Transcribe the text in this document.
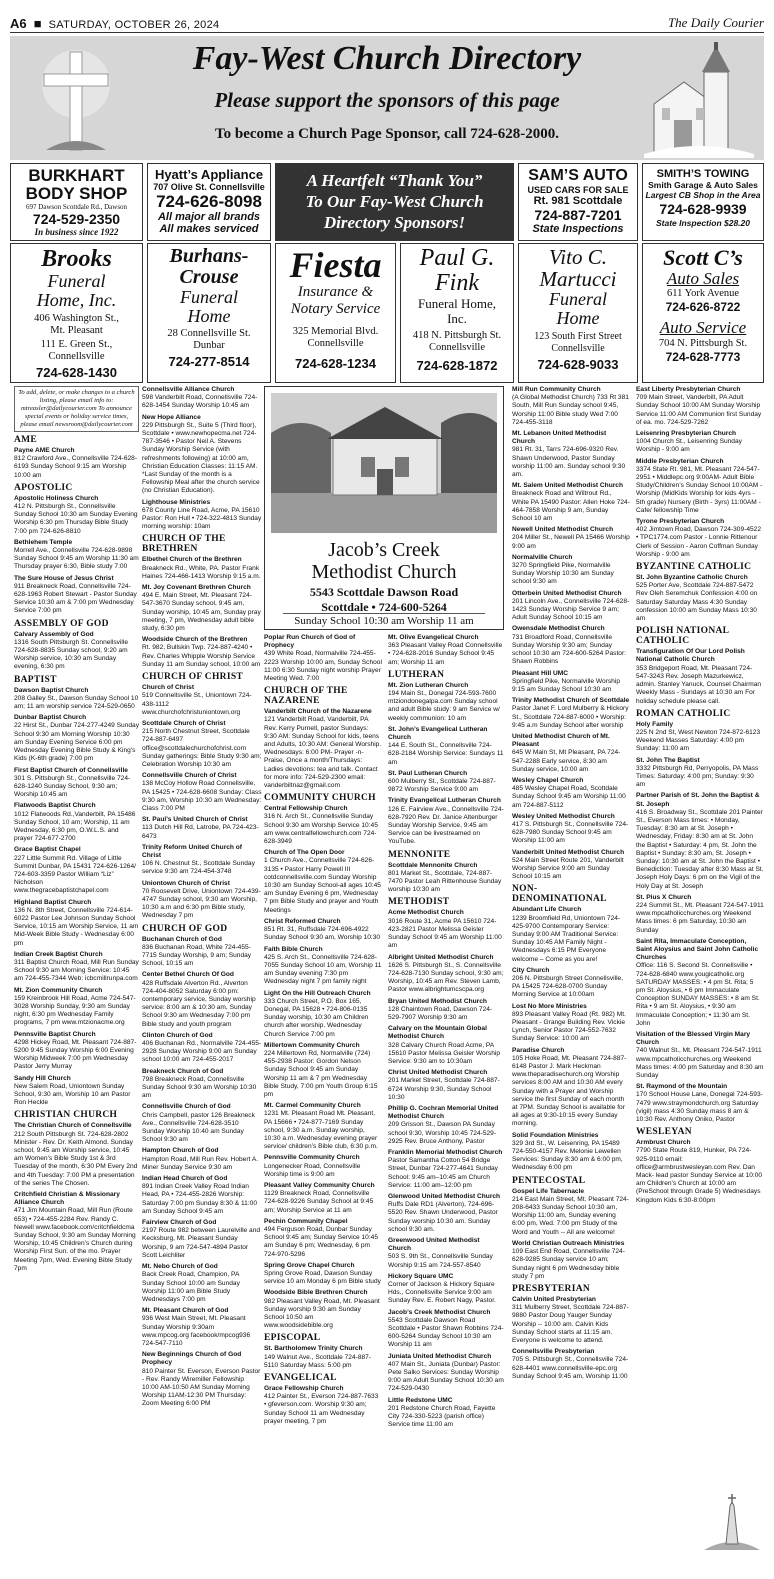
A6 ■ SATURDAY, OCTOBER 26, 2024	The Daily Courier
Fay-West Church Directory
Please support the sponsors of this page
To become a Church Page Sponsor, call 724-628-2000.
BURKHART
BODY SHOP
697 Dawson Scottdale Rd., Dawson
724-529-2350
In business since 1922
Hyatt’s Appliance
707 Olive St. Connellsville
724-626-8098
All major all brands
All makes serviced
A Heartfelt “Thank You”
To Our Fay-West Church
Directory Sponsors!
SAM’S AUTO
USED CARS FOR SALE
Rt. 981 Scottdale
724-887-7201
State Inspections
SMITH’S TOWING
Smith Garage & Auto Sales
Largest CB Shop in the Area
724-628-9939
State Inspection $28.20
Brooks
Funeral
Home, Inc.
406 Washington St.,
Mt. Pleasant
111 E. Green St.,
Connellsville
724-628-1430
Burhans-
Crouse
Funeral
Home
28 Connellsville St.
Dunbar
724-277-8514
Fiesta
Insurance &
Notary Service
325 Memorial Blvd.
Connellsville
724-628-1234
Paul G.
Fink
Funeral Home,
Inc.
418 N. Pittsburgh St.
Connellsville
724-628-1872
Vito C.
Martucci
Funeral
Home
123 South First Street
Connellsville
724-628-9033
Scott C’s
Auto Sales
611 York Avenue
724-626-8722
Auto Service
704 N. Pittsburgh St.
724-628-7773
To add, delete, or make changes to a church listing, please email info to: mtreasler@dailycourier.com To announce special events or holiday service times, please email newsroom@dailycourier.com
AME
Payne AME Church
812 Crawford Ave., Connellsville 724-628-6193 Sunday School 9:15 am Worship 10:00 am
APOSTOLIC
Apostolic Holiness Church
412 N. Pittsburgh St., Connellsville Sunday School 10:30 am Sunday Evening Worship 6:30 pm Thursday Bible Study 7:00 pm 724-626-8810
Bethlehem Temple
Morrell Ave., Connellsville 724-628-9898 Sunday School 9:45 am Worship 11:30 am Thursday prayer 6:30, Bible study 7:00
The Sure House of Jesus Christ
911 Breakneck Road, Connellsville 724-628-1963 Robert Stewart - Pastor Sunday Service 10:30 am & 7:00 pm Wednesday Service 7:00 pm
ASSEMBLY OF GOD
Calvary Assembly of God
1316 South Pittsburgh St. Connellsville 724-628-8835 Sunday school, 9:20 am Worship service, 10:30 am Sunday evening, 6:30 pm
BAPTIST
Dawson Baptist Church
208 Galley St., Dawson Sunday School 10 am; 11 am worship service 724-529-0650
Dunbar Baptist Church
22 Hirst St., Dunbar 724-277-4249 Sunday School 9:30 am Morning Worship 10:30 am Sunday Evening Service 6:00 pm Wednesday Evening Bible Study & King’s Kids (K-6th grade) 7:00 pm
First Baptist Church of Connellsville
301 S. Pittsburgh St., Connellsville 724-628-1240 Sunday School, 9:30 am; Worship 10:45 am
Flatwoods Baptist Church
1012 Flatwoods Rd.,Vanderbilt, PA 15486 Sunday School, 10 am; Worship, 11 am Wednesday, 6:30 pm, O.W.L.S. and prayer 724-677-2700
Grace Baptist Chapel
227 Little Summit Rd. Village of Little Summit Dunbar, PA 15431 724-626-1264/ 724-603-3359 Pastor William “Liz” Nicholson www.thegracebaptistchapel.com
Highland Baptist Church
136 N. 8th Street, Connellsville 724-614-6022 Pastor Lee Johnson Sunday School Service, 10:15 am Worship Service, 11 am Mid-Week Bible Study - Wednesday 6:00 pm
Indian Creek Baptist Church
311 Baptist Church Road, Mill Run Sunday School 9:30 am Morning Service: 10:45 am 724-455-7344 Web: icbcmillrunpa.com
Mt. Zion Community Church
159 Kreinbrook Hill Road, Acme 724-547-3028 Worship Sunday, 9:30 am Sunday night, 6:30 pm Wednesday Family programs, 7 pm www.mtzionacme.org
Pennsville Baptist Church
4298 Hickey Road, Mt. Pleasant 724-887-5200 9:45 Sunday Worship 6:00 Evening Worship Midweek 7:00 pm Wednesday Pastor Jerry Murray
Sandy Hill Church
New Salem Road, Uniontown Sunday School, 9:30 am, Worship 10 am Pastor Ron Heckle
CHRISTIAN CHURCH
The Christian Church of Connellsville
212 South Pittsburgh St. 724-628-2802 Minister - Rev. Dr. Keith Almond. Sunday school, 9:45 am Worship service, 10:45 am Women’s Bible Study 1st & 3rd Tuesday of the month, 6:30 PM Every 2nd and 4th Tuesday: 7:00 PM a presentation of the series The Chosen.
Critchfield Christian & Missionary Alliance Church
471 Jim Mountain Road, Mill Run (Route 653) • 724-455-2284 Rev. Randy C. Newell www.facebook.com/critchfieldcma Sunday School, 9:30 am Sunday Morning Worship, 10:45 Children’s Church during Worship First Sun. of the mo. Prayer Meeting 7pm, Wed. Evening Bible Study 7pm
Connellsville Alliance Church
598 Vanderbilt Road, Connellsville 724-628-1454 Sunday Worship 10:45 am
New Hope Alliance
229 Pittsburgh St., Suite 5 (Third floor), Scottdale • www.newhopecma.net 724-787-3546 • Pastor Neil A. Stevens Sunday Worship Service (with refreshments following) at 10:00 am, Christian Education Classes: 11:15 AM. *Last Sunday of the month is a Fellowship Meal after the church service (no Christian Education).
Lighthouse Ministries
678 County Line Road, Acme, PA 15610 Pastor: Ron Hull • 724-322-4813 Sunday morning worship: 10am
CHURCH OF THE BRETHREN
Elbethel Church of the Brethren
Breakneck Rd., White, PA. Pastor Frank Haines 724-466-1413 Worship 9:15 a.m.
Mt. Joy Covenant Brethren Church
494 E. Main Street, Mt. Pleasant 724-547-3670 Sunday school, 9:45 am, Sunday worship, 10:45 am, Sunday pray meeting, 7 pm, Wednesday adult bible study, 6:30 pm
Woodside Church of the Brethren
Rt. 982, Bullskin Twp. 724-887-4240 • Rev. Charles Whipple Worship Service Sunday 11 am Sunday school, 10:00 am
CHURCH OF CHRIST
Church of Christ
519 Connellsville St., Uniontown 724-438-1112 www.churchofchristuniontown.org
Scottdale Church of Christ
215 North Chestnut Street, Scottdale 724-887-6497 office@scottdalechurchofchrist.com Sunday gatherings: Bible Study 9:30 am; Celebration Worship 10:30 am
Connellsville Church of Christ
138 McCoy Hollow Road Connellsville, PA 15425 • 724-628-6608 Sunday: Class 9:30 am, Worship 10:30 am Wednesday: Class 7:00 PM
St. Paul’s United Church of Christ
113 Dutch Hill Rd, Latrobe, PA 724-423-6473
Trinity Reform United Church of Christ
106 N. Chestnut St., Scottdale Sunday service 9:30 am 724-454-3748
Uniontown Church of Christ
70 Roosevelt Drive, Uniontown 724-439-4747 Sunday school, 9:30 am Worship, 10:30 a.m and 6:30 pm Bible study, Wednesday 7 pm
CHURCH OF GOD
Buchanan Church of God
836 Buchanan Road, White 724-455-7715 Sunday Worship, 9 am; Sunday School, 10:15 am
Center Bethel Church Of God
428 Ruffsdale Alverton Rd., Alverton 724-404-8052 Saturday 6:00 pm: contemporary service, Sunday worship service: 8:00 am & 10:30 am, Sunday School 9:30 am Wednesday 7:00 pm Bible study and youth program
Clinton Church of God
406 Buchanan Rd., Normalville 724-455-2928 Sunday Worship 9:00 am Sunday school 10:00 am 724-455-2017
Breakneck Church of God
798 Breakneck Road, Connellsville Sunday School 9:30 am Worship 10:30 am
Connellsville Church of God
Chris Campbell, pastor 126 Breakneck Ave., Connellsville 724-628-3510 Sunday Worship 10:40 am Sunday School 9:30 am
Hampton Church of God
Hampton Road, Mill Run Rev. Hobert A. Miner Sunday Service 9:30 am
Indian Head Church of God
891 Indian Creek Valley Road Indian Head, PA • 724-455-2826 Worship: Saturday 7:00 pm Sunday 8:30 & 11:00 am Sunday School 9:45 am
Fairview Church of God
2197 Route 982 between Laurelville and Kecksburg, Mt. Pleasant Sunday Worship, 9 am 724-547-4894 Pastor Scott Leichliter
Mt. Nebo Church of God
Back Creek Road, Champion, PA Sunday School 10:00 am Sunday Worship 11:00 am Bible Study Wednesdays 7:00 pm
Mt. Pleasant Church of God
936 West Main Street, Mt. Pleasant Sunday Worship 9:30am www.mpcog.org facebook/mpcog936 724-547-7110
New Beginnings Church of God Prophecy
810 Painter St. Everson, Everson Pastor - Rev. Randy Wiremiller Fellowship 10:00 AM-10:50 AM Sunday Morning Worship 11AM-12:30 PM Thursday: Zoom Meeting 6:00 PM
Jacob’s Creek
Methodist Church
5543 Scottdale Dawson Road
Scottdale • 724-600-5264
Sunday School 10:30 am Worship 11 am
Poplar Run Church of God of Prophecy
439 White Road, Normalville 724-455-2223 Worship 10:00 am, Sunday School 11:00 6:30 Sunday night worship Prayer Meeting Wed. 7:00
CHURCH OF THE NAZARENE
Vanderbilt Church of the Nazarene
121 Vanderbilt Road, Vanderbilt, PA Rev. Kerry Purnell, pastor Sundays: 9:30 AM: Sunday School for kids, teens and Adults, 10:30 AM: General Worship. Wednesdays: 6:00 PM- Prayer -n- Praise, Once a month/Thursdays: Ladies devotions: tea and talk. Contact for more info: 724-529-2300 email: vanderbiltnaz@gmail.com
COMMUNITY CHURCH
Central Fellowship Church
316 N. Arch St., Connellsville Sunday School 9:30 am Worship Service 10:45 am www.centralfellowchurch.com 724-628-3949
Church of The Open Door
1 Church Ave., Connellsville 724-626-3135 • Pastor Harry Powell III cotdconnellsville.com Sunday Worship 10:30 am Sunday School-all ages 10:45 am Sunday Evening 6 pm, Wednesday 7 pm Bible Study and prayer and Youth Meetings
Christ Reformed Church
851 Rt. 31, Ruffsdale 724-696-4922 Sunday School 9:30 am, Worship 10:30
Faith Bible Church
425 S. Arch St., Connellsville 724-628-7055 Sunday School 10 am, Worship 11 am Sunday evening 7:30 pm Wednesday night 7 pm family night
Light On the Hill Outreach Church
333 Church Street, P.O. Box 165, Donegal, PA 15628 • 724-806-0135 Sunday worship, 10:30 am Children church after worship. Wednesday Church Service 7:00 pm
Millertown Community Church
224 Millertown Rd, Normalville (724) 455-2938 Pastor: Gordon Nelson Sunday School 9:45 am Sunday Worship 11 am & 7 pm Wednesday Bible Study, 7:00 pm Youth Group 6:15 pm
Mt. Carmel Community Church
1231 Mt. Pleasant Road Mt. Pleasant, PA 15666 • 724-877-7169 Sunday school, 9:30 a.m. Sunday worship, 10:30 a.m. Wednesday evening prayer service/ children’s Bible club, 6:30 p.m.
Pennsville Community Church
Longenecker Road, Connellsville Worship time is 9:00 am
Pleasant Valley Community Church
1129 Breakneck Road, Connellsville 724-628-9226 Sunday School at 9:45 am; Worship Service at 11 am
Pechin Community Chapel
494 Ferguson Road, Dunbar Sunday School 9:45 am; Sunday Service 10:45 am Sunday 6 pm; Wednesday, 6 pm 724-970-5296
Spring Grove Chapel Church
Spring Grove Road, Dawson Sunday service 10 am Monday 6 pm Bible study
Woodside Bible Brethren Church
982 Pleasant Valley Road, Mt. Pleasant Sunday worship 9:30 am Sunday School 10:50 am www.woodsidebible.org
EPISCOPAL
St. Bartholomew Trinity Church
149 Walnut Ave., Scottdale 724-887-5110 Saturday Mass: 5:00 pm
EVANGELICAL
Grace Fellowship Church
412 Painter St., Everson 724-887-7633 • gfeverson.com. Worship 9:30 am; Sunday School 11 am Wednesday prayer meeting, 7 pm
Mt. Olive Evangelical Church
363 Pleasant Valley Road Connellsville • 724-628-2016 Sunday School 9:45 am; Worship 11 am
LUTHERAN
Mt. Zion Lutheran Church
194 Main St., Donegal 724-593-7600 mtziondonegalpa.com Sunday school and adult Bible study: 9 am Service w/ weekly communion: 10 am
St. John’s Evangelical Lutheran Church
144 E. South St., Connellsville 724-628-2184 Worship Service: Sundays 11 am
St. Paul Lutheran Church
600 Mulberry St., Scottdale 724-887-9872 Worship Service 9:00 am
Trinity Evangelical Lutheran Church
126 E. Fairview Ave., Connellsville 724-628-7920 Rev. Dr. Janice Altenburger Sunday Worship Service, 9:45 am Service can be livestreamed on YouTube.
MENNONITE
Scottdale Mennonite Church
801 Market St., Scottdale, 724-887-7470 Pastor Leah Rittenhouse Sunday worship 10:30 am
METHODIST
Acme Methodist Church
3016 Route 31, Acme PA 15610 724-423-2821 Pastor Melissa Geisler Sunday School 9:45 am Worship 11:00 am
Albright United Methodist Church
1626 S. Pittsburgh St., S. Connellsville 724-628-7130 Sunday school, 9:30 am; Worship, 10:45 am Rev. Steven Lamb, Pastor www.albrightumcscpa.org
Bryan United Methodist Church
128 Chaintown Road, Dawson 724-529-7907 Worship 9:30 am
Calvary on the Mountain Global Methodist Church
328 Calvary Church Road Acme, PA 15610 Pastor Melissa Geisler Worship Service: 9:30 am to 10:30am
Christ United Methodist Church
201 Market Street, Scottdale 724-887-6724 Worship 9:30, Sunday School 10:30
Phillip G. Cochran Memorial United Methodist Church
209 Grisson St., Dawson PA Sunday school 9:30, Worship 10:45 724-529-2925 Rev. Bruce Anthony, Pastor
Franklin Memorial Methodist Church
Pastor Samantha Cotton 54 Bridge Street, Dunbar 724-277-4641 Sunday School: 9:45 am–10:45 am Church Service: 11:00 am–12:00 pm
Glenwood United Methodist Church
Ruffs Dale RD1 (Alverton), 724-696-5520 Rev. Shawn Underwood, Pastor Sunday worship 10:30 am. Sunday school 9:30 am.
Greenwood United Methodist Church
503 S. 9th St., Connellsville Sunday Worship 9:15 am 724-557-8540
Hickory Square UMC
Corner of Jackson & Hickory Square Hds., Connellsville Service 9:00 am Sunday Rev. E. Robert Nagy, Pastor.
Jacob’s Creek Methodist Church
5543 Scottdale Dawson Road Scottdale • Pastor Shawn Robbins 724-600-5264 Sunday School 10:30 am Worship 11 am
Juniata United Methodist Church
407 Main St., Juniata (Dunbar) Pastor: Pete Salko Services: Sunday Worship 9:00 am Adult Sunday School 10:30 am 724-529-0430
Little Redstone UMC
201 Redstone Church Road, Fayette City 724-330-5223 (parish office) Service time 11:00 am
Mill Run Community Church
(A Global Methodist Church) 733 Rt 381 South, Mill Run Sunday school 9:45, Worship 11:00 Bible study Wed 7:00 724-455-3118
Mt. Lebanon United Methodist Church
981 Rt. 31, Tarrs 724-696-9320 Rev. Shawn Underwood, Pastor Sunday worship 11:00 am. Sunday school 9:30 am.
Mt. Salem United Methodist Church
Breakneck Road and Wiltrout Rd., White PA 15490 Pastor: Allen Hoke 724-464-7858 Worship 9 am, Sunday School 10 am
Newell United Methodist Church
204 Miller St., Newell PA 15466 Worship 9:00 am
Normalville Church
3270 Springfield Pike, Normalville Sunday Worship 10:30 am Sunday school 9:30 am
Otterbein United Methodist Church
201 Lincoln Ave., Connellsville 724-628-1423 Sunday Worship Service 9 am; Adult Sunday School 10:15 am
Owensdale Methodist Church
731 Broadford Road, Connellsville Sunday Worship 9:30 am; Sunday school 10:30 am 724-600-5264 Pastor: Shawn Robbins
Pleasant Hill UMC
Springfield Pike, Normalville Worship 9:15 am Sunday School 10:30 am
Trinity Methodist Church of Scottdale
Pastor Janet F. Lord Mulberry & Hickory St., Scottdale 724-887-6000 • Worship: 9:45 a.m Sunday School after worship
United Methodist Church of Mt. Pleasant
645 W Main St, Mt Pleasant, PA 724-547-2288 Early service, 8:30 am Sunday service, 10:00 am
Wesley Chapel Church
485 Wesley Chapel Road, Scottdale Sunday School 9:45 am Worship 11:00 am 724-887-5112
Wesley United Methodist Church
417 S. Pittsburgh St., Connellsville 724-628-7980 Sunday School 9:45 am Worship 11:00 am
Vanderbilt United Methodist Church
524 Main Street Route 201, Vanderbilt Worship Service 9:00 am Sunday School 10:15 am
NON-DENOMINATIONAL
Abundant Life Church
1239 Broomfield Rd, Uniontown 724-425-9700 Contemporary Service: Sunday 9:00 AM Traditional Service: Sunday 10:45 AM Family Night - Wednesdays 6:15 PM Everyone welcome – Come as you are!
City Church
206 N. Pittsburgh Street Connellsville, PA 15425 724-628-0700 Sunday Morning Service at 10:00am
Lost No More Ministries
893 Pleasant Valley Road (Rt. 982) Mt. Pleasant - Grange Building Rev. Vickie Lynch, Senior Pastor 724-552-7632 Sunday Service: 10:00 am
Paradise Church
105 Hoke Road, Mt. Pleasant 724-887-6148 Pastor J. Mark Heckman www.theparadisechurch.org Worship services 8:00 AM and 10:30 AM every Sunday with a Prayer and Worship service the first Sunday of each month at 7PM. Sunday School is available for all ages at 9:30-10:15 every Sunday morning.
Solid Foundation Ministries
329 3rd St., W. Leisenring, PA 15489 724-550-4157 Rev. Melonie Lewellen Services: Sunday 8:30 am & 6:00 pm, Wednesday 6:00 pm
PENTECOSTAL
Gospel Life Tabernacle
214 East Main Street, Mt. Pleasant 724-208-6433 Sunday School 10:30 am, Worship 11:00 am, Sunday evening 6:00 pm, Wed. 7:00 pm Study of the Word and Youth -- All are welcome!
World Christian Outreach Ministries
109 East End Road, Connellsville 724-628-9285 Sunday service 10 am; Sunday night 6 pm Wednesday bible study 7 pm
PRESBYTERIAN
Calvin United Presbyterian
311 Mulberry Street, Scottdale 724-887-9880 Pastor Doug Yauger Sunday Worship -- 10:00 am. Calvin Kids Sunday School starts at 11:15 am. Everyone is welcome to attend.
Connellsville Presbyterian
705 S. Pittsburgh St., Connellsville 724-628-4401 www.connellsville-epc.org Sunday School 9:45 am, Worship 11:00
East Liberty Presbyterian Church
709 Main Street, Vanderbilt, PA Adult Sunday School 10:00 AM Sunday Worship Service 11:00 AM Communion first Sunday of ea. mo. 724-529-7262
Leisenring Presbyterian Church
1004 Church St., Leisenring Sunday Worship - 9:00 am
Middle Presbyterian Church
3374 State Rt. 981, Mt. Pleasant 724-547-2951 • Middlepc.org 9:00AM- Adult Bible Study/Children’s Sunday School 10:00AM - Worship (MidKids Worship for kids 4yrs - 5th grade) Nursery (Birth - 3yrs) 11:00AM - Cafe/ fellowship Time
Tyrone Presbyterian Church
402 Jimtown Road, Dawson 724-309-4522 • TPC1774.com Pastor - Lonnie Rittenour Clerk of Session - Aaron Coffman Sunday Worship - 9:00 am
BYZANTINE CATHOLIC
St. John Byzantine Catholic Church
525 Porter Ave, Scottdale 724-887-5472 Rev Oleh Seremchuk Confession 4:00 on Saturday Saturday Mass 4:30 Sunday confession 10:00 am Sunday Mass 10:30 am
POLISH NATIONAL CATHOLIC
Transfiguration Of Our Lord Polish National Catholic Church
353 Bridgeport Road, Mt. Pleasant 724-547-3243 Rev. Joseph Mazurkewicz, admin. Stanley Yanuck, Counsel Chairman Weekly Mass - Sundays at 10:30 am For holiday schedule please call.
ROMAN CATHOLIC
Holy Family
225 N 2nd St, West Newton 724-872-6123 Weekend Masses Saturday: 4:00 pm Sunday: 11:00 am
St. John The Baptist
3332 Pittsburgh Rd, Perryopolis, PA Mass Times: Saturday: 4:00 pm; Sunday: 9:30 am
Partner Parish of St. John the Baptist & St. Joseph
416 S. Broadway St., Scottdale 201 Painter St., Everson Mass times: • Monday, Tuesday: 8:30 am at St. Joseph • Wednesday, Friday: 8:30 am at St. John the Baptist • Saturday: 4 pm, St. John the Baptist • Sunday: 8:30 am, St. Joseph • Sunday: 10:30 am at St. John the Baptist • Benediction: Tuesday after 8:30 Mass at St. Joseph Holy Days: 6 pm on the Vigil of the Holy Day at St. Joseph
St. Pius X Church
224 Summit St., Mt. Pleasant 724-547-1911 www.mpcatholicchurches.org Weekend Mass times: 6 pm Saturday, 10:30 am Sunday
Saint Rita, Immaculate Conception, Saint Aloysius and Saint John Catholic Churches
Office: 116 S. Second St. Connellsville • 724-628-6840 www.yougicatholic.org SATURDAY MASSES: • 4 pm St. Rita; 5 pm St. Aloysius, • 6 pm Immaculate Conception SUNDAY MASSES: • 8 am St. Rita • 9 am St. Aloysius, • 9:30 am Immaculate Conception; • 11:30 am St. John
Visitation of the Blessed Virgin Mary Church
740 Walnut St., Mt. Pleasant 724-547-1911 www.mpcatholicchurches.org Weekend Mass times: 4:00 pm Saturday and 8:30 am Sunday
St. Raymond of the Mountain
170 School House Lane, Donegal 724-593-7479 www.straymondchurch.org Saturday (vigil) mass 4:30 Sunday mass 8 am & 10:30 Rev. Anthony Oniko, Pastor
WESLEYAN
Armbrust Church
7790 State Route 819, Hunker, PA 724-925-9110 email: office@armbrustwesleyan.com Rev. Dan Mack- lead pastor Sunday Service at 10:00 am Children’s Church at 10:00 am (PreSchool through Grade 5) Wednesdays Kingdom Kids 6:30-8:00pm
